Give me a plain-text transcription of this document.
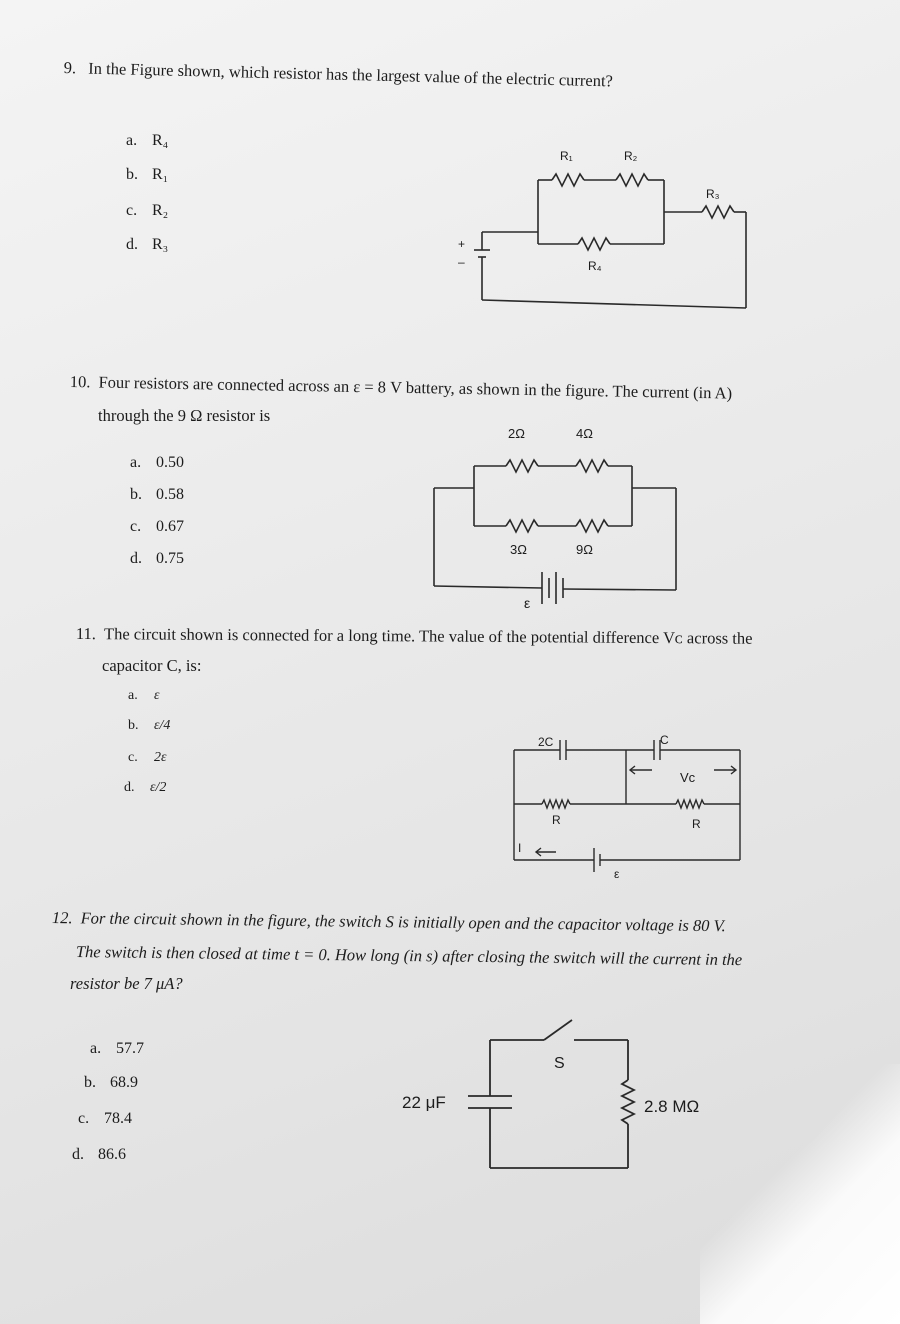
9. In the Figure shown, which resistor has the largest value of the electric current?
a. R₄
b. R₁
c. R₂
d. R₃
R₁	R₂
R₃
R₄
+
–
10. Four resistors are connected across an ε = 8 V battery, as shown in the figure. The current (in A)
through the 9 Ω resistor is
a. 0.50
b. 0.58
c. 0.67
d. 0.75
2Ω	4Ω
3Ω	9Ω
ε
11. The circuit shown is connected for a long time. The value of the potential difference Vᴄ across the
capacitor C, is:
a. ε
b. ε/4
c. 2ε
d. ε/2
2C	C
Vc
R	R
I
ε
12. For the circuit shown in the figure, the switch S is initially open and the capacitor voltage is 80 V.
The switch is then closed at time t = 0. How long (in s) after closing the switch will the current in the
resistor be 7 μA?
a. 57.7
b. 68.9
c. 78.4
d. 86.6
22 μF
S
2.8 MΩ
